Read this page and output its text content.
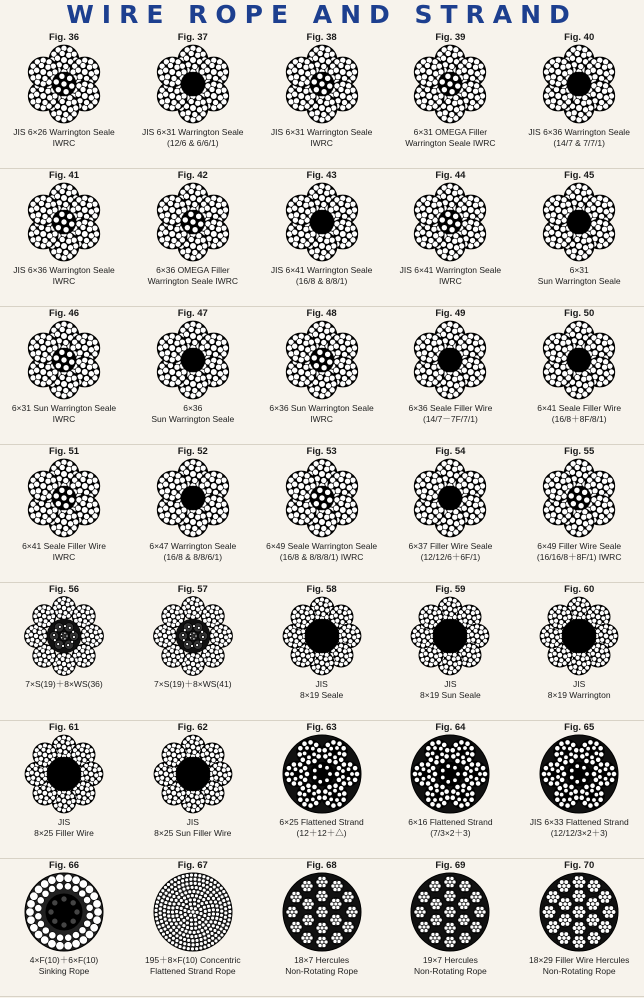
WIRE ROPE AND STRAND
Fig. 36
JIS 6×26 Warrington Seale
IWRC
Fig. 37
JIS 6×31 Warrington Seale
(12/6 & 6/6/1)
Fig. 38
JIS 6×31 Warrington Seale
IWRC
Fig. 39
6×31 OMEGA Filler
Warrington Seale IWRC
Fig. 40
JIS 6×36 Warrington Seale
(14/7 & 7/7/1)
Fig. 41
JIS 6×36 Warrington Seale
IWRC
Fig. 42
6×36 OMEGA Filler
Warrington Seale IWRC
Fig. 43
JIS 6×41 Warrington Seale
(16/8 & 8/8/1)
Fig. 44
JIS 6×41 Warrington Seale
IWRC
Fig. 45
6×31
Sun Warrington Seale
Fig. 46
6×31 Sun Warrington Seale
IWRC
Fig. 47
6×36
Sun Warrington Seale
Fig. 48
6×36 Sun Warrington Seale
IWRC
Fig. 49
6×36 Seale Filler Wire
(14/7－7F/7/1)
Fig. 50
6×41 Seale Filler Wire
(16/8＋8F/8/1)
Fig. 51
6×41 Seale Filler Wire
IWRC
Fig. 52
6×47 Warrington Seale
(16/8 & 8/8/6/1)
Fig. 53
6×49 Seale Warrington Seale
(16/8 & 8/8/8/1) IWRC
Fig. 54
6×37 Filler Wire Seale
(12/12/6＋6F/1)
Fig. 55
6×49 Filler Wire Seale
(16/16/8＋8F/1) IWRC
Fig. 56
7×S(19)＋8×WS(36)
Fig. 57
7×S(19)＋8×WS(41)
Fig. 58
JIS
8×19 Seale
Fig. 59
JIS
8×19 Sun Seale
Fig. 60
JIS
8×19 Warrington
Fig. 61
JIS
8×25 Filler Wire
Fig. 62
JIS
8×25 Sun Filler Wire
Fig. 63
6×25 Flattened Strand
(12＋12＋△)
Fig. 64
6×16 Flattened Strand
(7/3×2＋3)
Fig. 65
JIS 6×33 Flattened Strand
(12/12/3×2＋3)
Fig. 66
4×F(10)＋6×F(10)
Sinking Rope
Fig. 67
195＋8×F(10) Concentric
Flattened Strand Rope
Fig. 68
18×7 Hercules
Non-Rotating Rope
Fig. 69
19×7 Hercules
Non-Rotating Rope
Fig. 70
18×29 Filler Wire Hercules
Non-Rotating Rope
